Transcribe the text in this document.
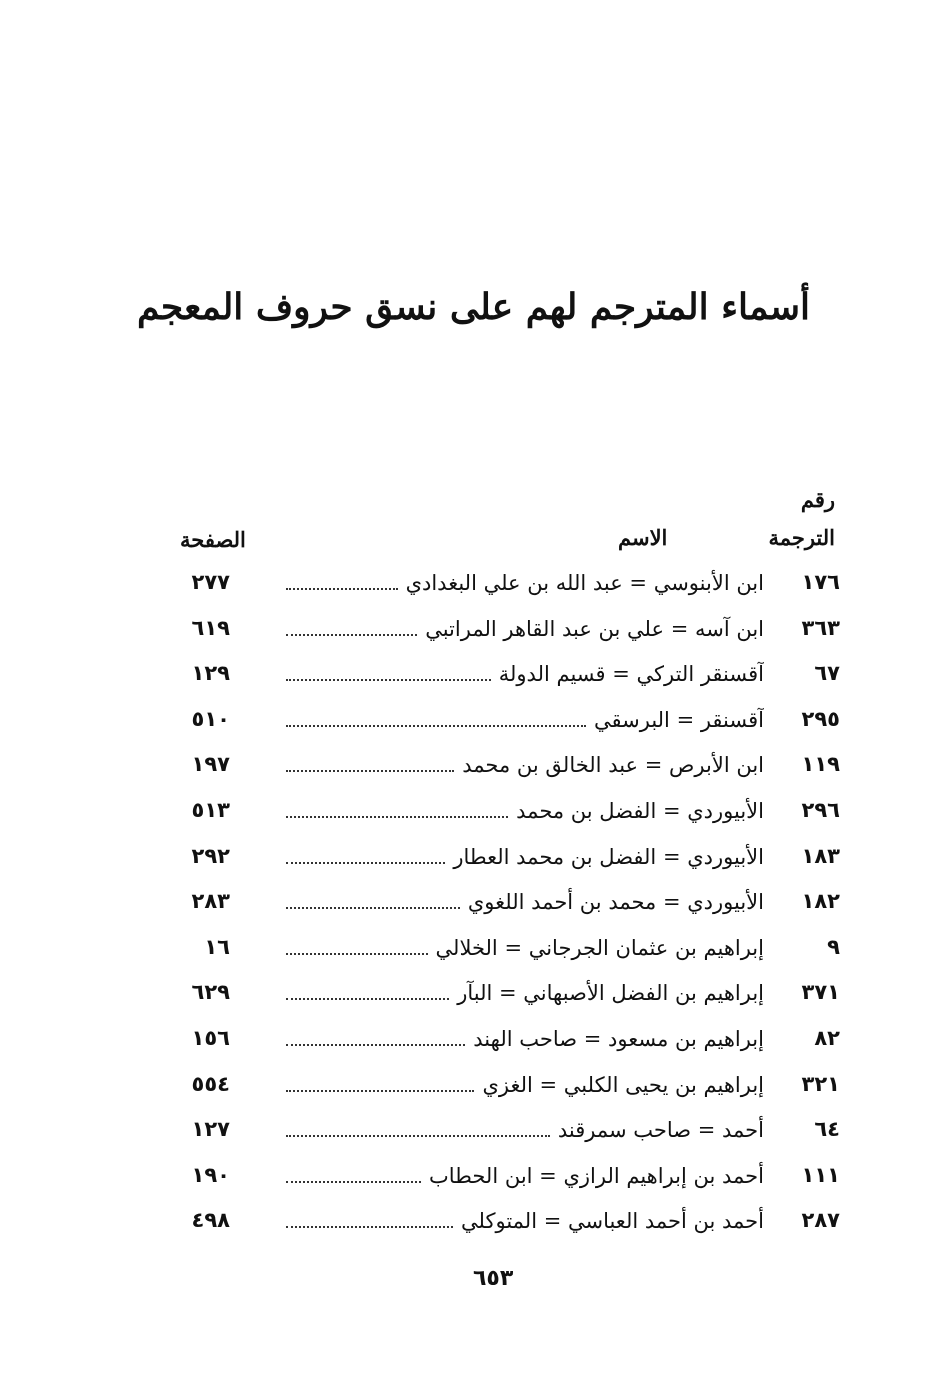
أسماء المترجم لهم على نسق حروف المعجم
رقم
الترجمة
الاسم
الصفحة
١٧٦
ابن الأبنوسي = عبد الله بن علي البغدادي
٢٧٧
٣٦٣
ابن آسه = علي بن عبد القاهر المراتبي
٦١٩
٦٧
آقسنقر التركي = قسيم الدولة
١٢٩
٢٩٥
آقسنقر = البرسقي
٥١٠
١١٩
ابن الأبرص = عبد الخالق بن محمد
١٩٧
٢٩٦
الأبيوردي = الفضل بن محمد
٥١٣
١٨٣
الأبيوردي = الفضل بن محمد العطار
٢٩٢
١٨٢
الأبيوردي = محمد بن أحمد اللغوي
٢٨٣
٩
إبراهيم بن عثمان الجرجاني = الخلالي
١٦
٣٧١
إبراهيم بن الفضل الأصبهاني = البآر
٦٢٩
٨٢
إبراهيم بن مسعود = صاحب الهند
١٥٦
٣٢١
إبراهيم بن يحيى الكلبي = الغزي
٥٥٤
٦٤
أحمد = صاحب سمرقند
١٢٧
١١١
أحمد بن إبراهيم الرازي = ابن الحطاب
١٩٠
٢٨٧
أحمد بن أحمد العباسي = المتوكلي
٤٩٨
٦٥٣
